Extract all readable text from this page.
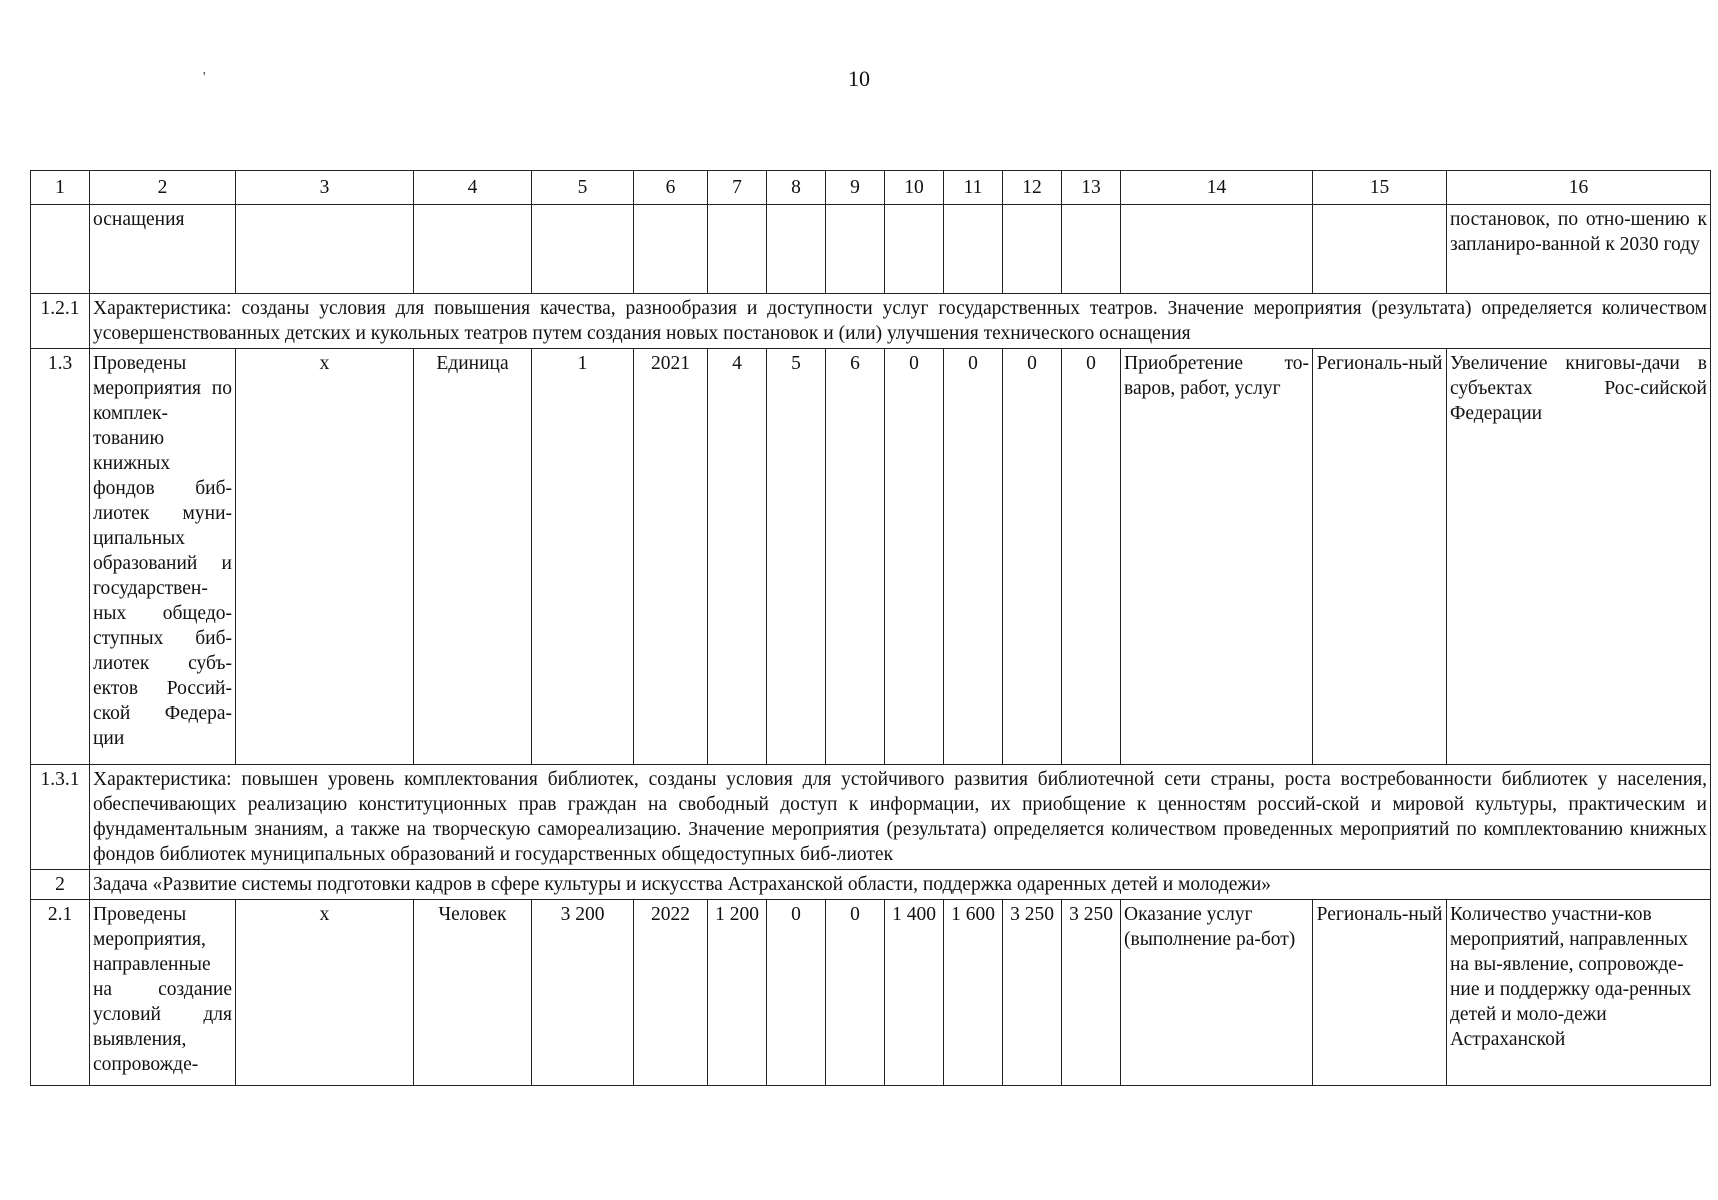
10
'
1	2	3	4	5	6	7	8	9	10	11	12	13	14	15	16
	оснащения														постановок, по отно-шению к запланиро-ванной к 2030 году
1.2.1	Характеристика: созданы условия для повышения качества, разнообразия и доступности услуг государственных театров. Значение мероприятия (результата) определяется количеством усовершенствованных детских и кукольных театров путем создания новых постановок и (или) улучшения технического оснащения														
1.3	Проведены мероприятия по комплек-тованию книжных фондов биб-лиотек муни-ципальных образований и государствен-ных общедо-ступных биб-лиотек субъ-ектов Россий-ской Федера-ции	х	Единица	1	2021	4	5	6	0	0	0	0	Приобретение то-варов, работ, услуг	Региональ-ный	Увеличение книговы-дачи в субъектах Рос-сийской Федерации
1.3.1	Характеристика: повышен уровень комплектования библиотек, созданы условия для устойчивого развития библиотечной сети страны, роста востребованности библиотек у населения, обеспечивающих реализацию конституционных прав граждан на свободный доступ к информации, их приобщение к ценностям россий-ской и мировой культуры, практическим и фундаментальным знаниям, а также на творческую самореализацию. Значение мероприятия (результата) определяется количеством проведенных мероприятий по комплектованию книжных фондов библиотек муниципальных образований и государственных общедоступных биб-лиотек														
2	Задача «Развитие системы подготовки кадров в сфере культуры и искусства Астраханской области, поддержка одаренных детей и молодежи»														
2.1	Проведены мероприятия, направленные на создание условий для выявления, сопровожде-	х	Человек	3 200	2022	1 200	0	0	1 400	1 600	3 250	3 250	Оказание услуг (выполнение ра-бот)	Региональ-ный	Количество участни-ков мероприятий, направленных на вы-явление, сопровожде-ние и поддержку ода-ренных детей и моло-дежи Астраханской
